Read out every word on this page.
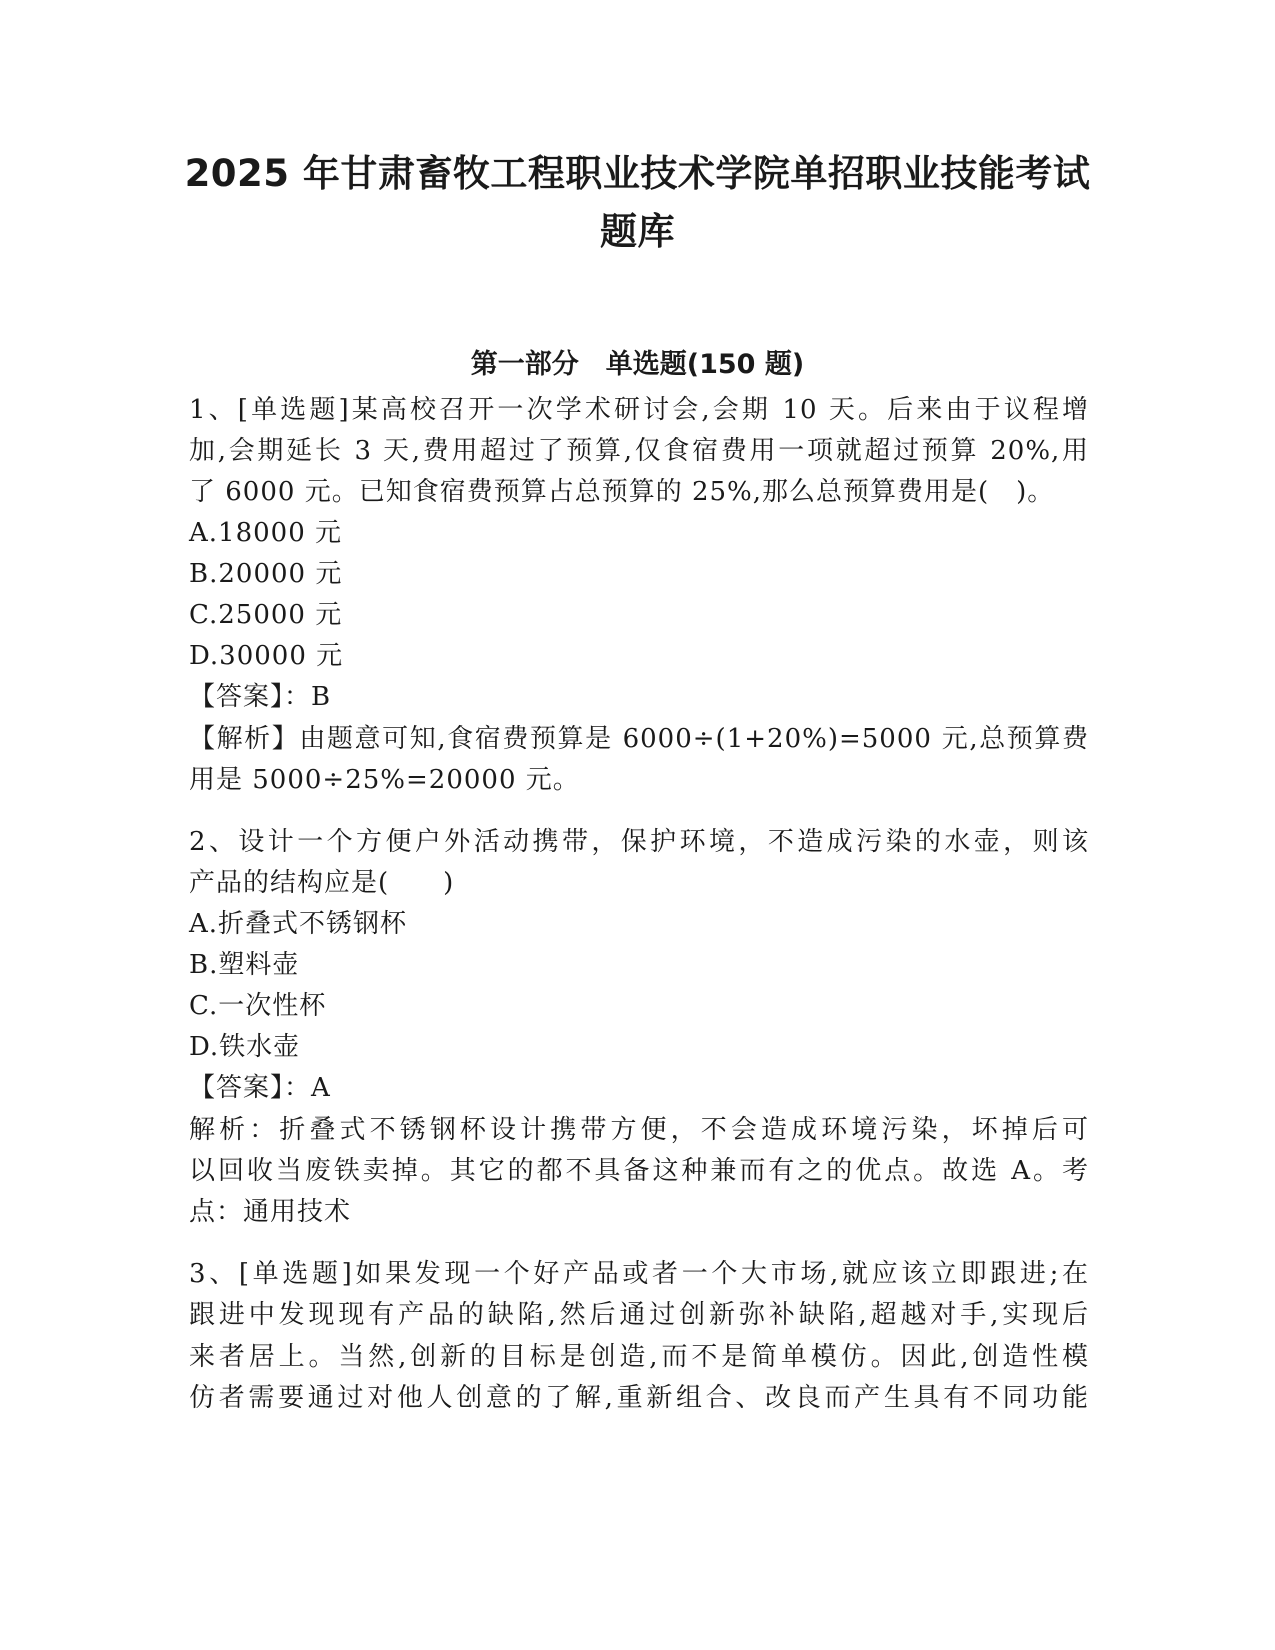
2025 年甘肃畜牧工程职业技术学院单招职业技能考试
题库
第一部分　单选题(150 题)
1、[单选题]某高校召开一次学术研讨会,会期 10 天。后来由于议程增
加,会期延长 3 天,费用超过了预算,仅食宿费用一项就超过预算 20%,用
了 6000 元。已知食宿费预算占总预算的 25%,那么总预算费用是(　)。
A.18000 元
B.20000 元
C.25000 元
D.30000 元
【答案】：B
【解析】由题意可知,食宿费预算是 6000÷(1+20%)=5000 元,总预算费
用是 5000÷25%=20000 元。
2、设计一个方便户外活动携带，保护环境，不造成污染的水壶，则该
产品的结构应是(　　)
A.折叠式不锈钢杯
B.塑料壶
C.一次性杯
D.铁水壶
【答案】：A
解析：折叠式不锈钢杯设计携带方便，不会造成环境污染，坏掉后可
以回收当废铁卖掉。其它的都不具备这种兼而有之的优点。故选 A。考
点：通用技术
3、[单选题]如果发现一个好产品或者一个大市场,就应该立即跟进;在
跟进中发现现有产品的缺陷,然后通过创新弥补缺陷,超越对手,实现后
来者居上。当然,创新的目标是创造,而不是简单模仿。因此,创造性模
仿者需要通过对他人创意的了解,重新组合、改良而产生具有不同功能
